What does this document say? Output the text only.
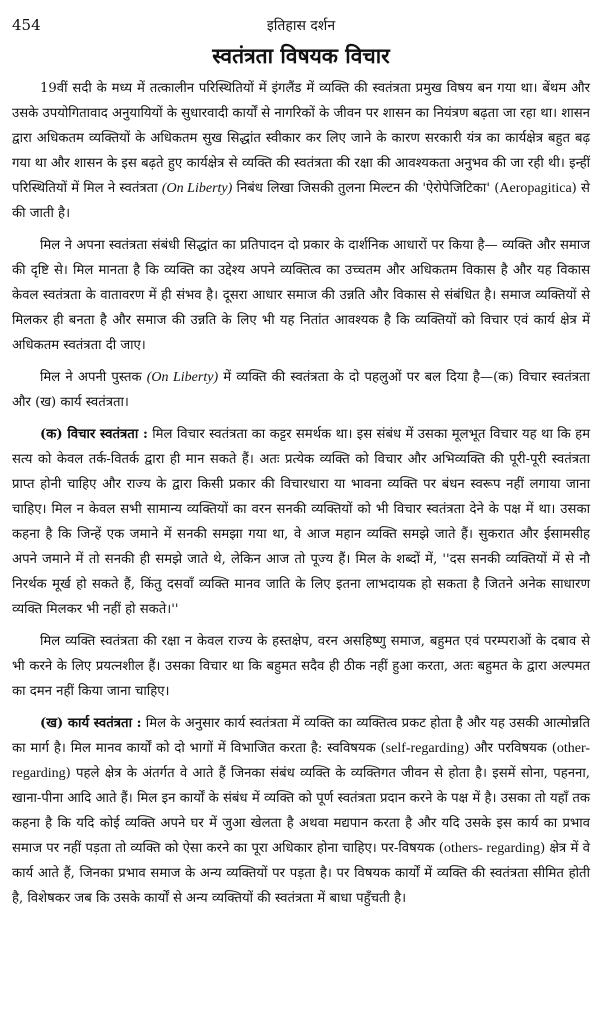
454	इतिहास दर्शन
स्वतंत्रता विषयक विचार

19वीं सदी के मध्य में तत्कालीन परिस्थितियों में इंगलैंड में व्यक्ति की स्वतंत्रता प्रमुख विषय बन गया था। बेंथम और उसके उपयोगितावाद अनुयायियों के सुधारवादी कार्यों से नागरिकों के जीवन पर शासन का नियंत्रण बढ़ता जा रहा था। शासन द्वारा अधिकतम व्यक्तियों के अधिकतम सुख सिद्धांत स्वीकार कर लिए जाने के कारण सरकारी यंत्र का कार्यक्षेत्र बहुत बढ़ गया था और शासन के इस बढ़ते हुए कार्यक्षेत्र से व्यक्ति की स्वतंत्रता की रक्षा की आवश्यकता अनुभव की जा रही थी। इन्हीं परिस्थितियों में मिल ने स्वतंत्रता (On Liberty) निबंध लिखा जिसकी तुलना मिल्टन की 'ऐरोपेजिटिका' (Aeropagitica) से की जाती है।

मिल ने अपना स्वतंत्रता संबंधी सिद्धांत का प्रतिपादन दो प्रकार के दार्शनिक आधारों पर किया है— व्यक्ति और समाज की दृष्टि से। मिल मानता है कि व्यक्ति का उद्देश्य अपने व्यक्तित्व का उच्चतम और अधिकतम विकास है और यह विकास केवल स्वतंत्रता के वातावरण में ही संभव है। दूसरा आधार समाज की उन्नति और विकास से संबंधित है। समाज व्यक्तियों से मिलकर ही बनता है और समाज की उन्नति के लिए भी यह नितांत आवश्यक है कि व्यक्तियों को विचार एवं कार्य क्षेत्र में अधिकतम स्वतंत्रता दी जाए।

मिल ने अपनी पुस्तक (On Liberty) में व्यक्ति की स्वतंत्रता के दो पहलुओं पर बल दिया है—(क) विचार स्वतंत्रता और (ख) कार्य स्वतंत्रता।

(क) विचार स्वतंत्रता : मिल विचार स्वतंत्रता का कट्टर समर्थक था। इस संबंध में उसका मूलभूत विचार यह था कि हम सत्य को केवल तर्क-वितर्क द्वारा ही मान सकते हैं। अतः प्रत्येक व्यक्ति को विचार और अभिव्यक्ति की पूरी-पूरी स्वतंत्रता प्राप्त होनी चाहिए और राज्य के द्वारा किसी प्रकार की विचारधारा या भावना व्यक्ति पर बंधन स्वरूप नहीं लगाया जाना चाहिए। मिल न केवल सभी सामान्य व्यक्तियों का वरन सनकी व्यक्तियों को भी विचार स्वतंत्रता देने के पक्ष में था। उसका कहना है कि जिन्हें एक जमाने में सनकी समझा गया था, वे आज महान व्यक्ति समझे जाते हैं। सुकरात और ईसामसीह अपने जमाने में तो सनकी ही समझे जाते थे, लेकिन आज तो पूज्य हैं। मिल के शब्दों में, ''दस सनकी व्यक्तियों में से नौ निरर्थक मूर्ख हो सकते हैं, किंतु दसवाँ व्यक्ति मानव जाति के लिए इतना लाभदायक हो सकता है जितने अनेक साधारण व्यक्ति मिलकर भी नहीं हो सकते।''

मिल व्यक्ति स्वतंत्रता की रक्षा न केवल राज्य के हस्तक्षेप, वरन असहिष्णु समाज, बहुमत एवं परम्पराओं के दबाव से भी करने के लिए प्रयत्नशील हैं। उसका विचार था कि बहुमत सदैव ही ठीक नहीं हुआ करता, अतः बहुमत के द्वारा अल्पमत का दमन नहीं किया जाना चाहिए।

(ख) कार्य स्वतंत्रता : मिल के अनुसार कार्य स्वतंत्रता में व्यक्ति का व्यक्तित्व प्रकट होता है और यह उसकी आत्मोन्नति का मार्ग है। मिल मानव कार्यों को दो भागों में विभाजित करता है: स्वविषयक (self-regarding) और परविषयक (other- regarding) पहले क्षेत्र के अंतर्गत वे आते हैं जिनका संबंध व्यक्ति के व्यक्तिगत जीवन से होता है। इसमें सोना, पहनना, खाना-पीना आदि आते हैं। मिल इन कार्यों के संबंध में व्यक्ति को पूर्ण स्वतंत्रता प्रदान करने के पक्ष में है। उसका तो यहाँ तक कहना है कि यदि कोई व्यक्ति अपने घर में जुआ खेलता है अथवा मद्यपान करता है और यदि उसके इस कार्य का प्रभाव समाज पर नहीं पड़ता तो व्यक्ति को ऐसा करने का पूरा अधिकार होना चाहिए। पर-विषयक (others- regarding) क्षेत्र में वे कार्य आते हैं, जिनका प्रभाव समाज के अन्य व्यक्तियों पर पड़ता है। पर विषयक कार्यों में व्यक्ति की स्वतंत्रता सीमित होती है, विशेषकर जब कि उसके कार्यों से अन्य व्यक्तियों की स्वतंत्रता में बाधा पहुँचती है।
